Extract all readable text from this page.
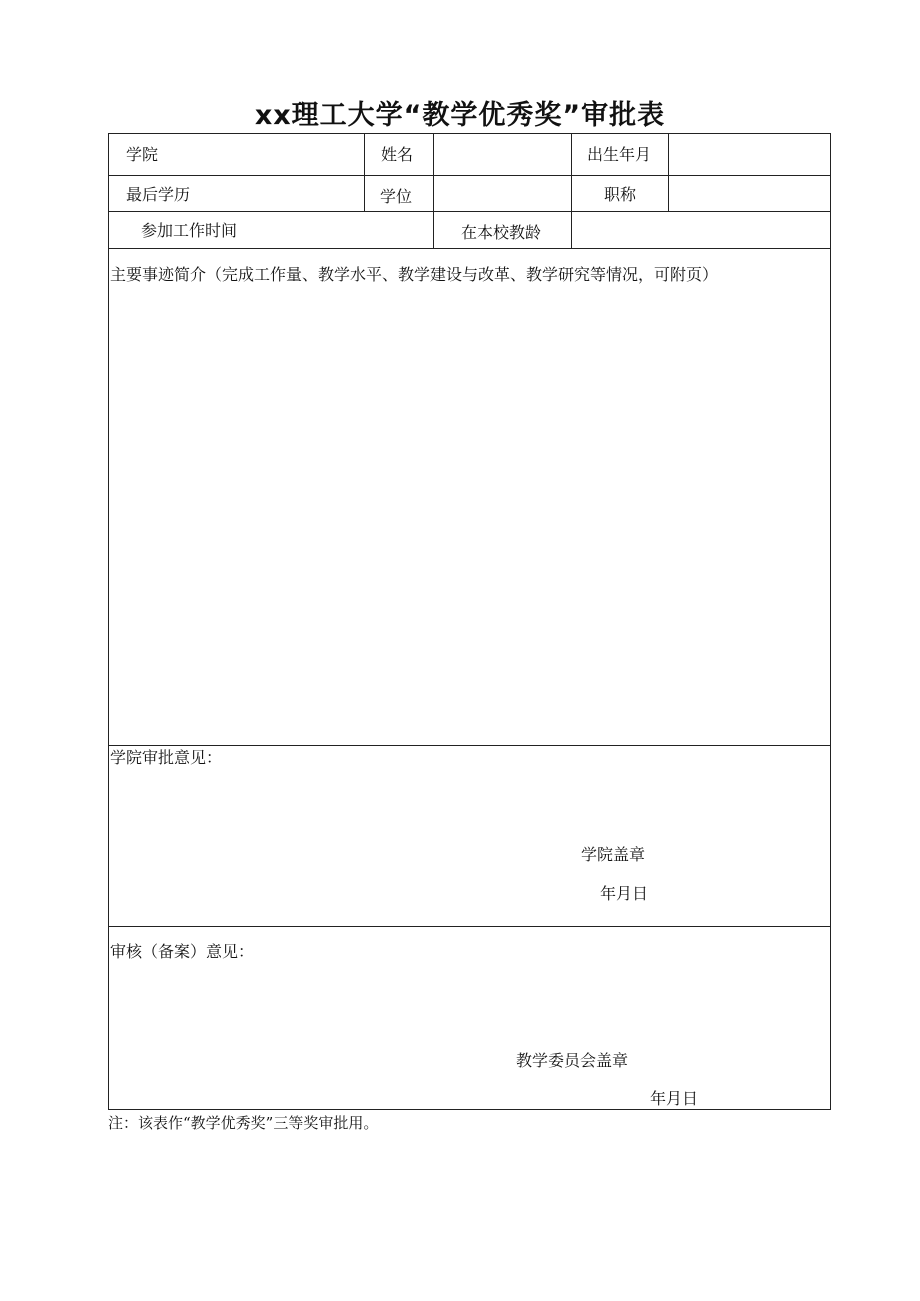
xx理工大学“教学优秀奖”审批表
学院	姓名	出生年月
最后学历	学位	职称
参加工作时间	在本校教龄
主要事迹简介（完成工作量、教学水平、教学建设与改革、教学研究等情况，可附页）
学院审批意见：
学院盖章
年月日
审核（备案）意见：
教学委员会盖章
年月日
注：该表作“教学优秀奖”三等奖审批用。
